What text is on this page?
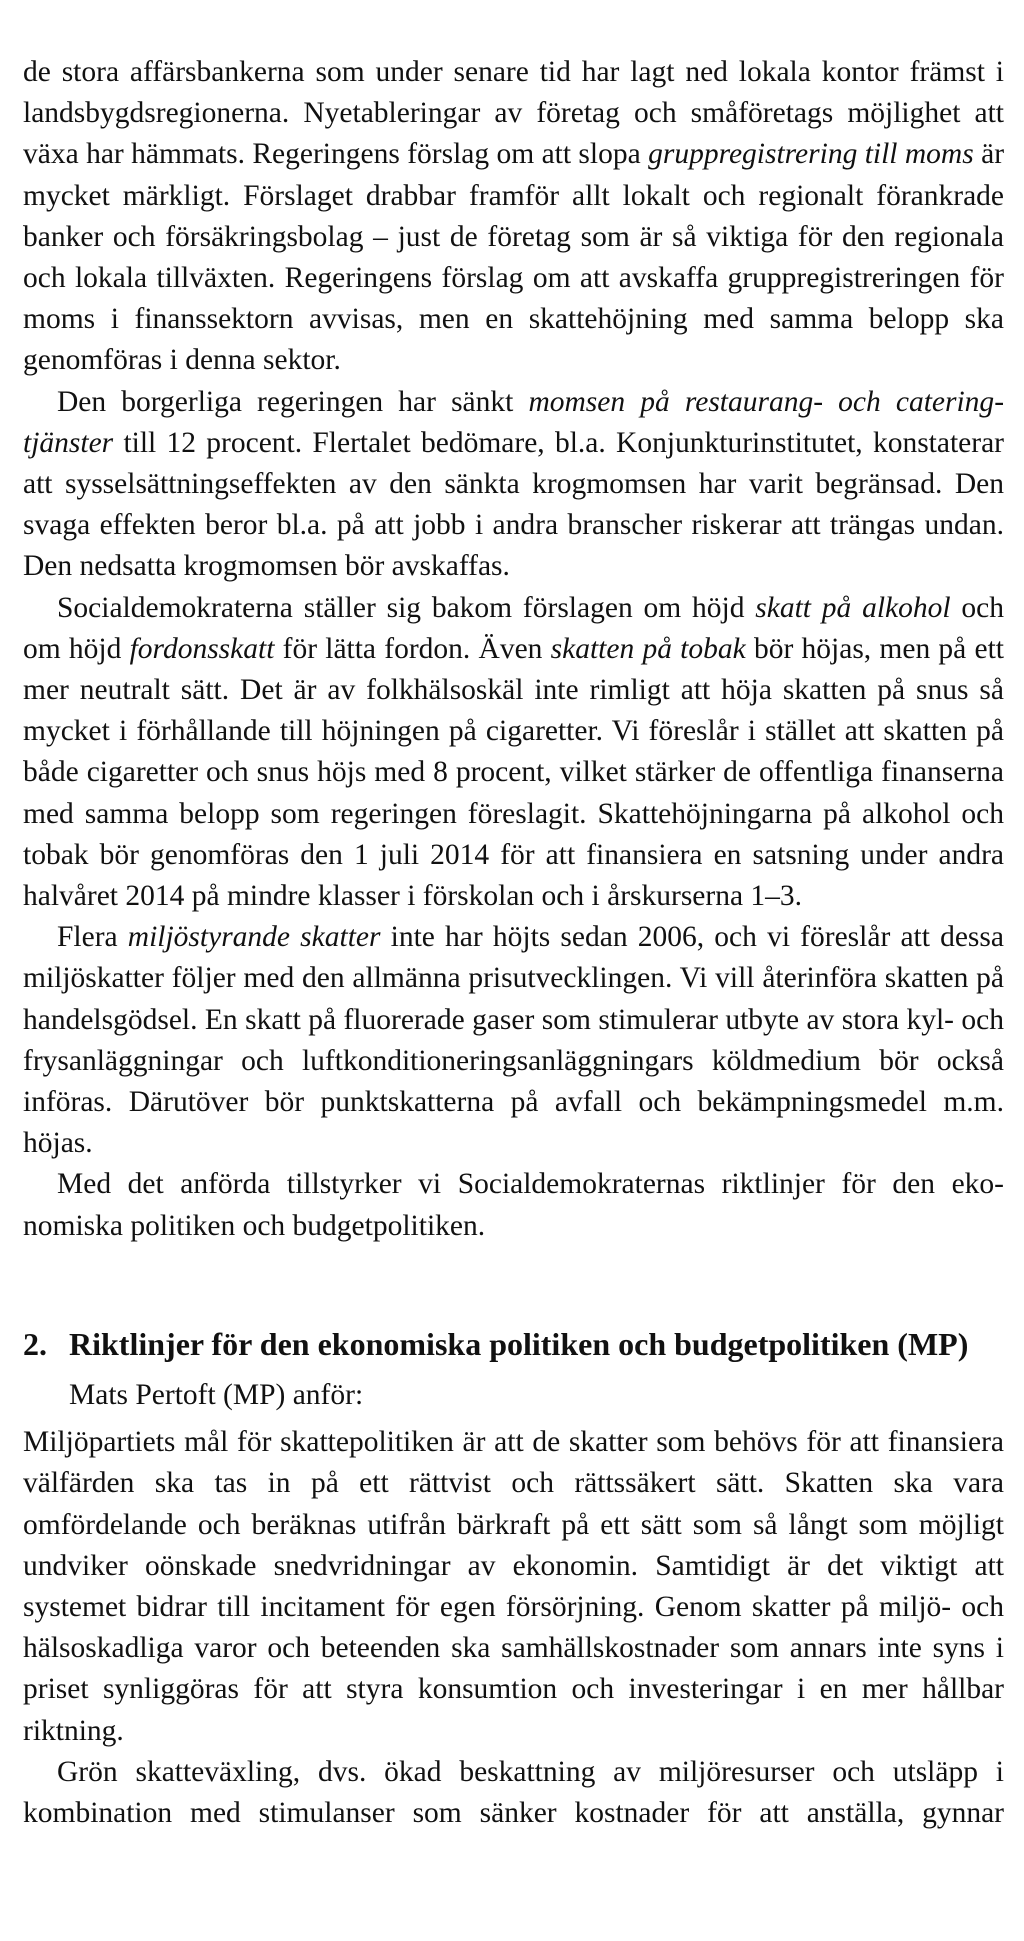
de stora affärsbankerna som under senare tid har lagt ned lokala kontor främst i landsbygdsregionerna. Nyetableringar av företag och småföretags möjlighet att växa har hämmats. Regeringens förslag om att slopa gruppregistrering till moms är mycket märkligt. Förslaget drabbar framför allt lokalt och regionalt förankrade banker och försäkringsbolag – just de företag som är så viktiga för den regionala och lokala tillväxten. Regeringens förslag om att avskaffa gruppregistreringen för moms i finanssektorn avvisas, men en skattehöjning med samma belopp ska genomföras i denna sektor.

Den borgerliga regeringen har sänkt momsen på restaurang- och cateringtjänster till 12 procent. Flertalet bedömare, bl.a. Konjunkturinstitutet, konstaterar att sysselsättningseffekten av den sänkta krogmomsen har varit begränsad. Den svaga effekten beror bl.a. på att jobb i andra branscher riskerar att trängas undan. Den nedsatta krogmomsen bör avskaffas.

Socialdemokraterna ställer sig bakom förslagen om höjd skatt på alkohol och om höjd fordonsskatt för lätta fordon. Även skatten på tobak bör höjas, men på ett mer neutralt sätt. Det är av folkhälsoskäl inte rimligt att höja skatten på snus så mycket i förhållande till höjningen på cigaretter. Vi föreslår i stället att skatten på både cigaretter och snus höjs med 8 procent, vilket stärker de offentliga finanserna med samma belopp som regeringen föreslagit. Skattehöjningarna på alkohol och tobak bör genomföras den 1 juli 2014 för att finansiera en satsning under andra halvåret 2014 på mindre klasser i förskolan och i årskurserna 1–3.

Flera miljöstyrande skatter inte har höjts sedan 2006, och vi föreslår att dessa miljöskatter följer med den allmänna prisutvecklingen. Vi vill återinföra skatten på handelsgödsel. En skatt på fluorerade gaser som stimulerar utbyte av stora kyl- och frysanläggningar och luftkonditioneringsanläggningars köldmedium bör också införas. Därutöver bör punktskatterna på avfall och bekämpningsmedel m.m. höjas.

Med det anförda tillstyrker vi Socialdemokraternas riktlinjer för den ekonomiska politiken och budgetpolitiken.

2. Riktlinjer för den ekonomiska politiken och budgetpolitiken (MP)
Mats Pertoft (MP) anför:

Miljöpartiets mål för skattepolitiken är att de skatter som behövs för att finansiera välfärden ska tas in på ett rättvist och rättssäkert sätt. Skatten ska vara omfördelande och beräknas utifrån bärkraft på ett sätt som så långt som möjligt undviker oönskade snedvridningar av ekonomin. Samtidigt är det viktigt att systemet bidrar till incitament för egen försörjning. Genom skatter på miljö- och hälsoskadliga varor och beteenden ska samhällskostnader som annars inte syns i priset synliggöras för att styra konsumtion och investeringar i en mer hållbar riktning.

Grön skatteväxling, dvs. ökad beskattning av miljöresurser och utsläpp i kombination med stimulanser som sänker kostnader för att anställa, gynnar
